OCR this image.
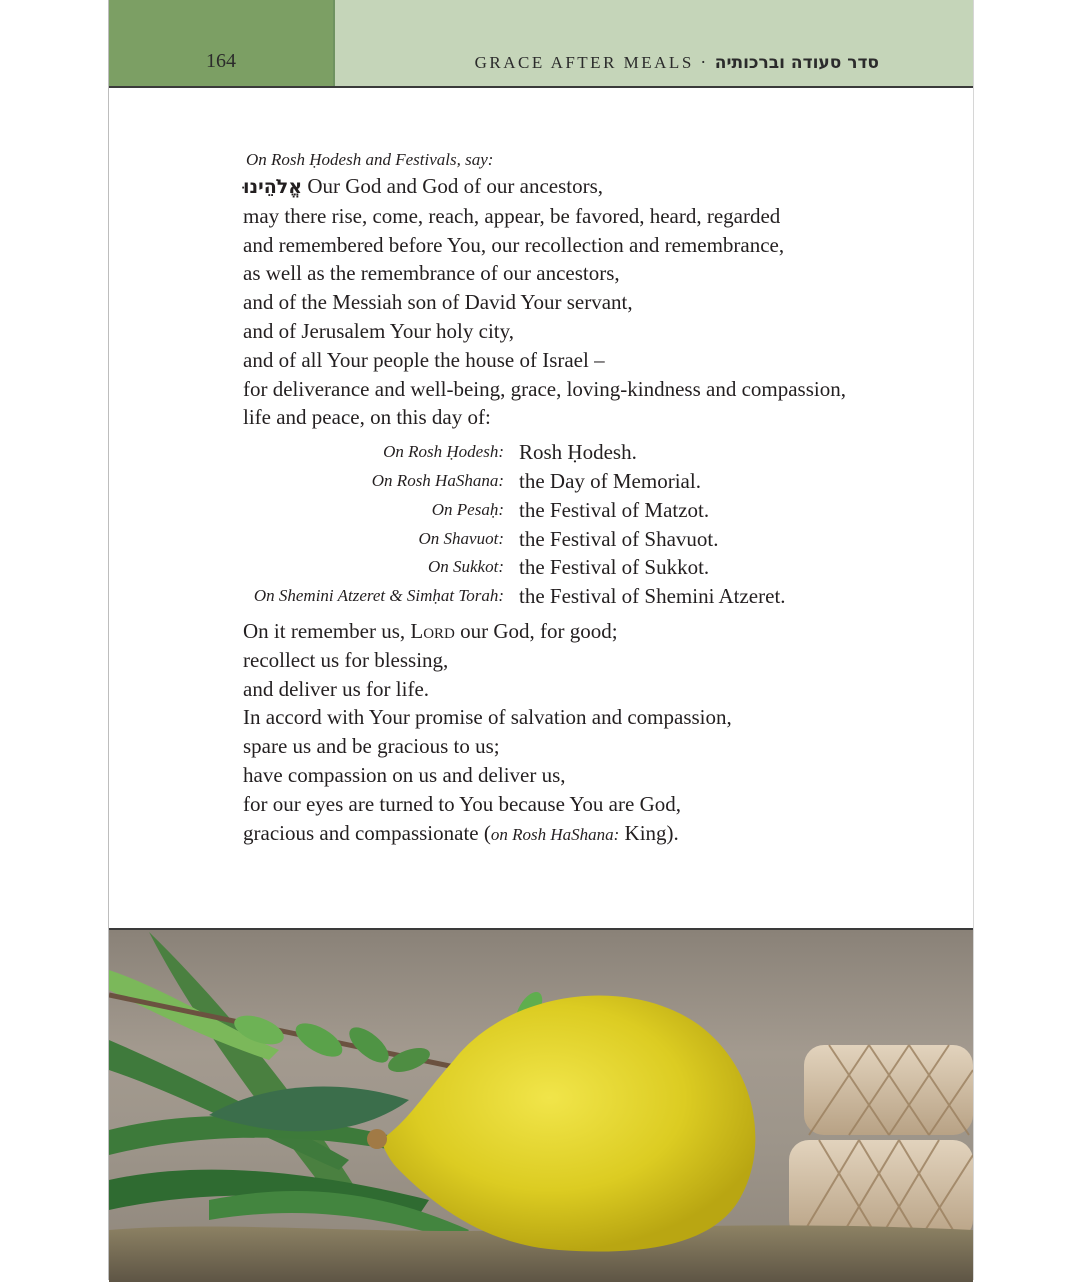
164	GRACE AFTER MEALS · סדר סעודה וברכותיה
On Rosh Ḥodesh and Festivals, say:
אֱלֹהֵינוּ Our God and God of our ancestors,
may there rise, come, reach, appear, be favored, heard, regarded
and remembered before You, our recollection and remembrance,
as well as the remembrance of our ancestors,
and of the Messiah son of David Your servant,
and of Jerusalem Your holy city,
and of all Your people the house of Israel –
for deliverance and well-being, grace, loving-kindness and compassion,
life and peace, on this day of:
On Rosh Ḥodesh: Rosh Ḥodesh.
On Rosh HaShana: the Day of Memorial.
On Pesaḥ: the Festival of Matzot.
On Shavuot: the Festival of Shavuot.
On Sukkot: the Festival of Sukkot.
On Shemini Atzeret & Simḥat Torah: the Festival of Shemini Atzeret.
On it remember us, Lord our God, for good;
recollect us for blessing,
and deliver us for life.
In accord with Your promise of salvation and compassion,
spare us and be gracious to us;
have compassion on us and deliver us,
for our eyes are turned to You because You are God,
gracious and compassionate (on Rosh HaShana: King).
